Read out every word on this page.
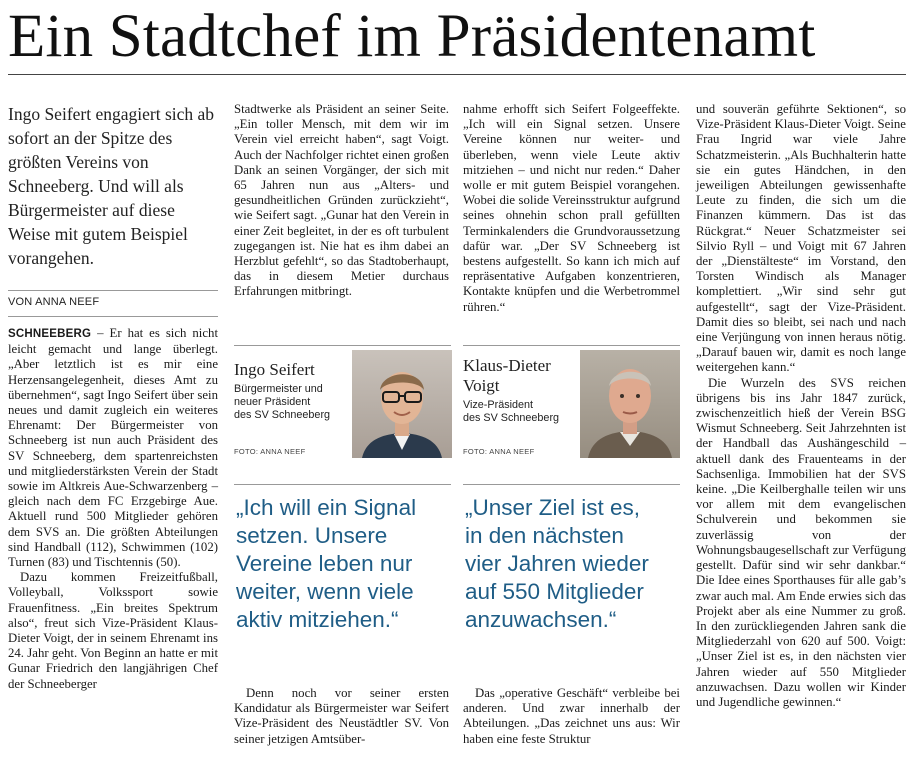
Ein Stadtchef im Präsidentenamt

Ingo Seifert engagiert sich ab sofort an der Spitze des größten Vereins von Schneeberg. Und will als Bürgermeister auf diese Weise mit gutem Beispiel vorangehen.

VON ANNA NEEF

SCHNEEBERG – Er hat es sich nicht leicht gemacht und lange überlegt. „Aber letztlich ist es mir eine Herzensangelegenheit, dieses Amt zu übernehmen“, sagt Ingo Seifert über sein neues und damit zugleich ein weiteres Ehrenamt: Der Bürgermeister von Schneeberg ist nun auch Präsident des SV Schneeberg, dem spartenreichsten und mitgliederstärksten Verein der Stadt sowie im Altkreis Aue-Schwarzenberg – gleich nach dem FC Erzgebirge Aue. Aktuell rund 500 Mitglieder gehören dem SVS an. Die größten Abteilungen sind Handball (112), Schwimmen (102) Turnen (83) und Tischtennis (50).

Dazu kommen Freizeitfußball, Volleyball, Volkssport sowie Frauenfitness. „Ein breites Spektrum also“, freut sich Vize-Präsident Klaus-Dieter Voigt, der in seinem Ehrenamt ins 24. Jahr geht. Von Beginn an hatte er mit Gunar Friedrich den langjährigen Chef der Schneeberger

Stadtwerke als Präsident an seiner Seite. „Ein toller Mensch, mit dem wir im Verein viel erreicht haben“, sagt Voigt. Auch der Nachfolger richtet einen großen Dank an seinen Vorgänger, der sich mit 65 Jahren nun aus „Alters- und gesundheitlichen Gründen zurückzieht“, wie Seifert sagt. „Gunar hat den Verein in einer Zeit begleitet, in der es oft turbulent zugegangen ist. Nie hat es ihm dabei an Herzblut gefehlt“, so das Stadtoberhaupt, das in diesem Metier durchaus Erfahrungen mitbringt.

Denn noch vor seiner ersten Kandidatur als Bürgermeister war Seifert Vize-Präsident des Neustädtler SV. Von seiner jetzigen Amtsüber-

nahme erhofft sich Seifert Folgeeffekte. „Ich will ein Signal setzen. Unsere Vereine können nur weiter- und überleben, wenn viele Leute aktiv mitziehen – und nicht nur reden.“ Daher wolle er mit gutem Beispiel vorangehen. Wobei die solide Vereinsstruktur aufgrund seines ohnehin schon prall gefüllten Terminkalenders die Grundvoraussetzung dafür war. „Der SV Schneeberg ist bestens aufgestellt. So kann ich mich auf repräsentative Aufgaben konzentrieren, Kontakte knüpfen und die Werbetrommel rühren.“

Das „operative Geschäft“ verbleibe bei anderen. Und zwar innerhalb der Abteilungen. „Das zeichnet uns aus: Wir haben eine feste Struktur

und souverän geführte Sektionen“, so Vize-Präsident Klaus-Dieter Voigt. Seine Frau Ingrid war viele Jahre Schatzmeisterin. „Als Buchhalterin hatte sie ein gutes Händchen, in den jeweiligen Abteilungen gewissenhafte Leute zu finden, die sich um die Finanzen kümmern. Das ist das Rückgrat.“ Neuer Schatzmeister sei Silvio Ryll – und Voigt mit 67 Jahren der „Dienstälteste“ im Vorstand, den Torsten Windisch als Manager komplettiert. „Wir sind sehr gut aufgestellt“, sagt der Vize-Präsident. Damit dies so bleibt, sei nach und nach eine Verjüngung von innen heraus nötig. „Darauf bauen wir, damit es noch lange weitergehen kann.“

Die Wurzeln des SVS reichen übrigens bis ins Jahr 1847 zurück, zwischenzeitlich hieß der Verein BSG Wismut Schneeberg. Seit Jahrzehnten ist der Handball das Aushängeschild – aktuell dank des Frauenteams in der Sachsenliga. Immobilien hat der SVS keine. „Die Keilberghalle teilen wir uns vor allem mit dem evangelischen Schulverein und bekommen sie zuverlässig von der Wohnungsbaugesellschaft zur Verfügung gestellt. Dafür sind wir sehr dankbar.“ Die Idee eines Sporthauses für alle gab’s zwar auch mal. Am Ende erwies sich das Projekt aber als eine Nummer zu groß. In den zurückliegenden Jahren sank die Mitgliederzahl von 620 auf 500. Voigt: „Unser Ziel ist es, in den nächsten vier Jahren wieder auf 550 Mitglieder anzuwachsen. Dazu wollen wir Kinder und Jugendliche gewinnen.“

Ingo Seifert
Bürgermeister und
neuer Präsident
des SV Schneeberg
FOTO: ANNA NEEF
Klaus-Dieter
Voigt
Vize-Präsident
des SV Schneeberg
FOTO: ANNA NEEF
„Ich will ein Signal
setzen. Unsere
Vereine leben nur
weiter, wenn viele
aktiv mitziehen.“
„Unser Ziel ist es,
in den nächsten
vier Jahren wieder
auf 550 Mitglieder
anzuwachsen.“
